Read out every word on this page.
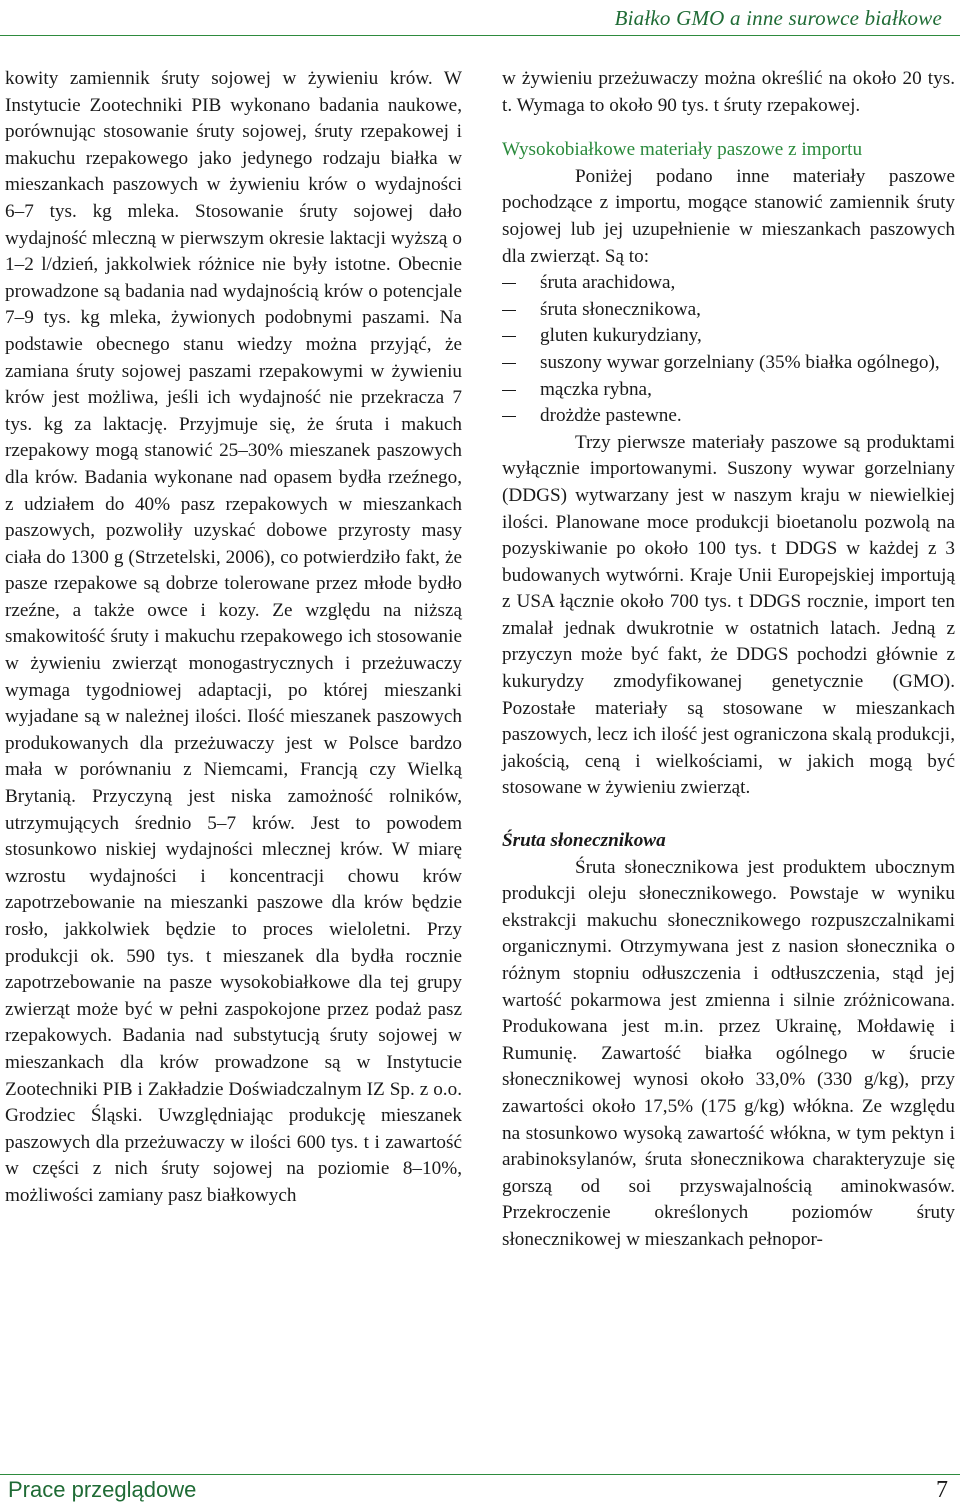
Białko GMO a inne surowce białkowe

kowity zamiennik śruty sojowej w żywieniu krów. W Instytucie Zootechniki PIB wykonano badania naukowe, porównując stosowanie śruty sojowej, śruty rzepakowej i makuchu rzepakowego jako jedynego rodzaju białka w mieszankach paszowych w żywieniu krów o wydajności 6–7 tys. kg mleka. Stosowanie śruty sojowej dało wydajność mleczną w pierwszym okresie laktacji wyższą o 1–2 l/dzień, jakkolwiek różnice nie były istotne. Obecnie prowadzone są badania nad wydajnością krów o potencjale 7–9 tys. kg mleka, żywionych podobnymi paszami. Na podstawie obecnego stanu wiedzy można przyjąć, że zamiana śruty sojowej paszami rzepakowymi w żywieniu krów jest możliwa, jeśli ich wydajność nie przekracza 7 tys. kg za laktację. Przyjmuje się, że śruta i makuch rzepakowy mogą stanowić 25–30% mieszanek paszowych dla krów. Badania wykonane nad opasem bydła rzeźnego, z udziałem do 40% pasz rzepakowych w mieszankach paszowych, pozwoliły uzyskać dobowe przyrosty masy ciała do 1300 g (Strzetelski, 2006), co potwierdziło fakt, że pasze rzepakowe są dobrze tolerowane przez młode bydło rzeźne, a także owce i kozy. Ze względu na niższą smakowitość śruty i makuchu rzepakowego ich stosowanie w żywieniu zwierząt monogastrycznych i przeżuwaczy wymaga tygodniowej adaptacji, po której mieszanki wyjadane są w należnej ilości. Ilość mieszanek paszowych produkowanych dla przeżuwaczy jest w Polsce bardzo mała w porównaniu z Niemcami, Francją czy Wielką Brytanią. Przyczyną jest niska zamożność rolników, utrzymujących średnio 5–7 krów. Jest to powodem stosunkowo niskiej wydajności mlecznej krów. W miarę wzrostu wydajności i koncentracji chowu krów zapotrzebowanie na mieszanki paszowe dla krów będzie rosło, jakkolwiek będzie to proces wieloletni. Przy produkcji ok. 590 tys. t mieszanek dla bydła rocznie zapotrzebowanie na pasze wysokobiałkowe dla tej grupy zwierząt może być w pełni zaspokojone przez podaż pasz rzepakowych. Badania nad substytucją śruty sojowej w mieszankach dla krów prowadzone są w Instytucie Zootechniki PIB i Zakładzie Doświadczalnym IZ Sp. z o.o. Grodziec Śląski. Uwzględniając produkcję mieszanek paszowych dla przeżuwaczy w ilości 600 tys. t i zawartość w części z nich śruty sojowej na poziomie 8–10%, możliwości zamiany pasz białkowych

w żywieniu przeżuwaczy można określić na około 20 tys. t. Wymaga to około 90 tys. t śruty rzepakowej.

Wysokobiałkowe materiały paszowe z importu

Poniżej podano inne materiały paszowe pochodzące z importu, mogące stanowić zamiennik śruty sojowej lub jej uzupełnienie w mieszankach paszowych dla zwierząt. Są to:

śruta arachidowa,
śruta słonecznikowa,
gluten kukurydziany,
suszony wywar gorzelniany (35% białka ogólnego),
mączka rybna,
drożdże pastewne.

Trzy pierwsze materiały paszowe są produktami wyłącznie importowanymi. Suszony wywar gorzelniany (DDGS) wytwarzany jest w naszym kraju w niewielkiej ilości. Planowane moce produkcji bioetanolu pozwolą na pozyskiwanie po około 100 tys. t DDGS w każdej z 3 budowanych wytwórni. Kraje Unii Europejskiej importują z USA łącznie około 700 tys. t DDGS rocznie, import ten zmalał jednak dwukrotnie w ostatnich latach. Jedną z przyczyn może być fakt, że DDGS pochodzi głównie z kukurydzy zmodyfikowanej genetycznie (GMO). Pozostałe materiały są stosowane w mieszankach paszowych, lecz ich ilość jest ograniczona skalą produkcji, jakością, ceną i wielkościami, w jakich mogą być stosowane w żywieniu zwierząt.

Śruta słonecznikowa

Śruta słonecznikowa jest produktem ubocznym produkcji oleju słonecznikowego. Powstaje w wyniku ekstrakcji makuchu słonecznikowego rozpuszczalnikami organicznymi. Otrzymywana jest z nasion słonecznika o różnym stopniu odłuszczenia i odtłuszczenia, stąd jej wartość pokarmowa jest zmienna i silnie zróżnicowana. Produkowana jest m.in. przez Ukrainę, Mołdawię i Rumunię. Zawartość białka ogólnego w śrucie słonecznikowej wynosi około 33,0% (330 g/kg), przy zawartości około 17,5% (175 g/kg) włókna. Ze względu na stosunkowo wysoką zawartość włókna, w tym pektyn i arabinoksylanów, śruta słonecznikowa charakteryzuje się gorszą od soi przyswajalnością aminokwasów. Przekroczenie określonych poziomów śruty słonecznikowej w mieszankach pełnopor-

Prace przeglądowe	7
